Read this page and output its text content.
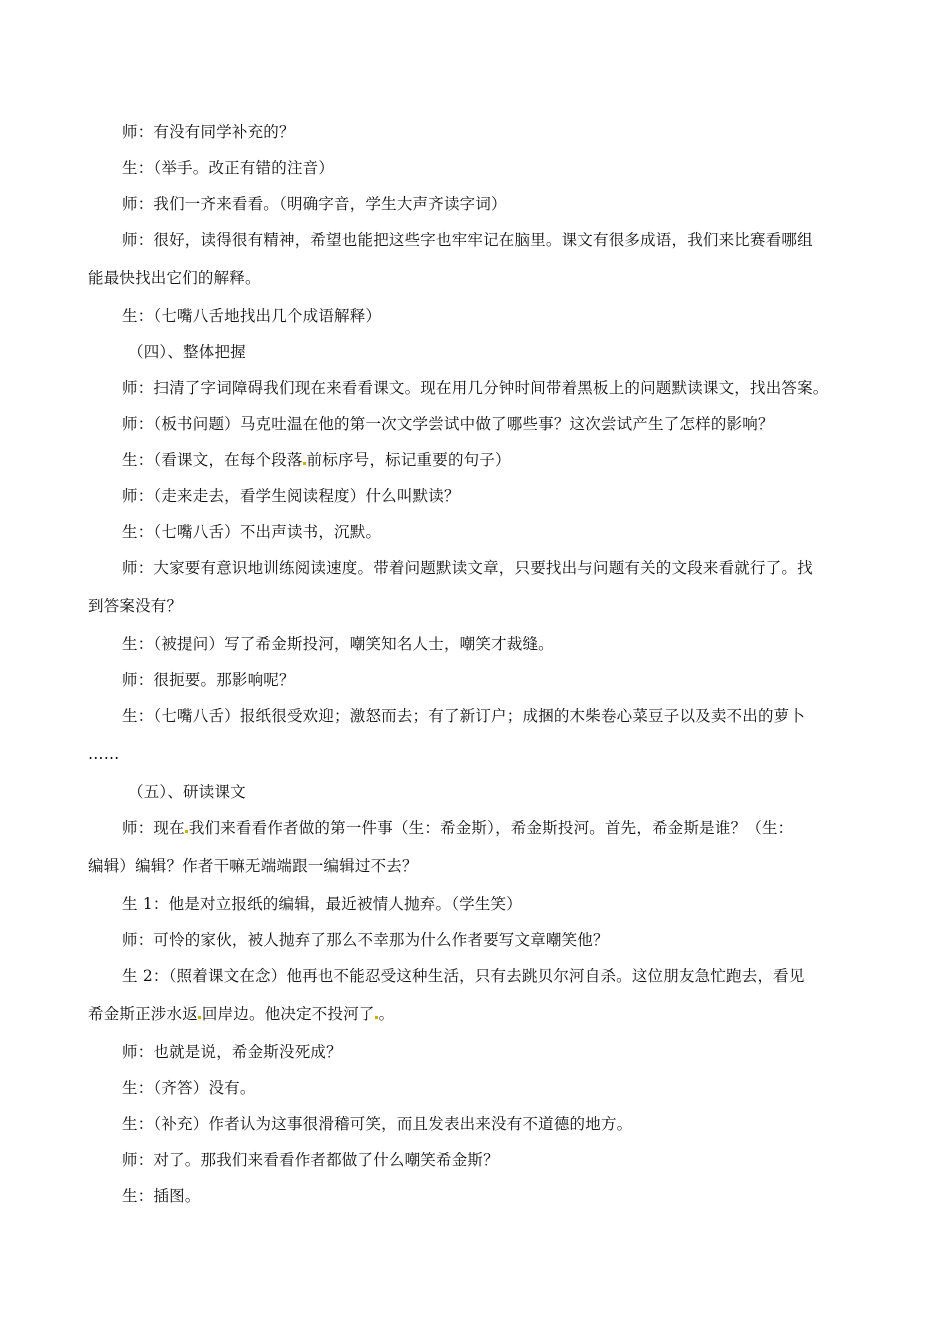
师：有没有同学补充的？
生：（举手。改正有错的注音）
师：我们一齐来看看。（明确字音，学生大声齐读字词）
师：很好，读得很有精神，希望也能把这些字也牢牢记在脑里。课文有很多成语，我们来比赛看哪组
能最快找出它们的解释。
生：（七嘴八舌地找出几个成语解释）
（四）、整体把握
师：扫清了字词障碍我们现在来看看课文。现在用几分钟时间带着黑板上的问题默读课文，找出答案。
师：（板书问题）马克吐温在他的第一次文学尝试中做了哪些事？这次尝试产生了怎样的影响？
生：（看课文，在每个段落 前标序号，标记重要的句子）
师：（走来走去，看学生阅读程度）什么叫默读？
生：（七嘴八舌）不出声读书，沉默。
师：大家要有意识地训练阅读速度。带着问题默读文章，只要找出与问题有关的文段来看就行了。找
到答案没有？
生：（被提问）写了希金斯投河，嘲笑知名人士，嘲笑才裁缝。
师：很扼要。那影响呢？
生：（七嘴八舌）报纸很受欢迎；激怒而去；有了新订户；成捆的木柴卷心菜豆子以及卖不出的萝卜
……
（五）、研读课文
师：现在 我们来看看作者做的第一件事（生：希金斯），希金斯投河。首先，希金斯是谁？（生：
编辑）编辑？作者干嘛无端端跟一编辑过不去？
生 1：他是对立报纸的编辑，最近被情人抛弃。（学生笑）
师：可怜的家伙，被人抛弃了那么不幸那为什么作者要写文章嘲笑他？
生 2：（照着课文在念）他再也不能忍受这种生活，只有去跳贝尔河自杀。这位朋友急忙跑去，看见
希金斯正涉水返 回岸边。他决定不投河了 。
师：也就是说，希金斯没死成？
生：（齐答）没有。
生：（补充）作者认为这事很滑稽可笑，而且发表出来没有不道德的地方。
师：对了。那我们来看看作者都做了什么嘲笑希金斯？
生：插图。
